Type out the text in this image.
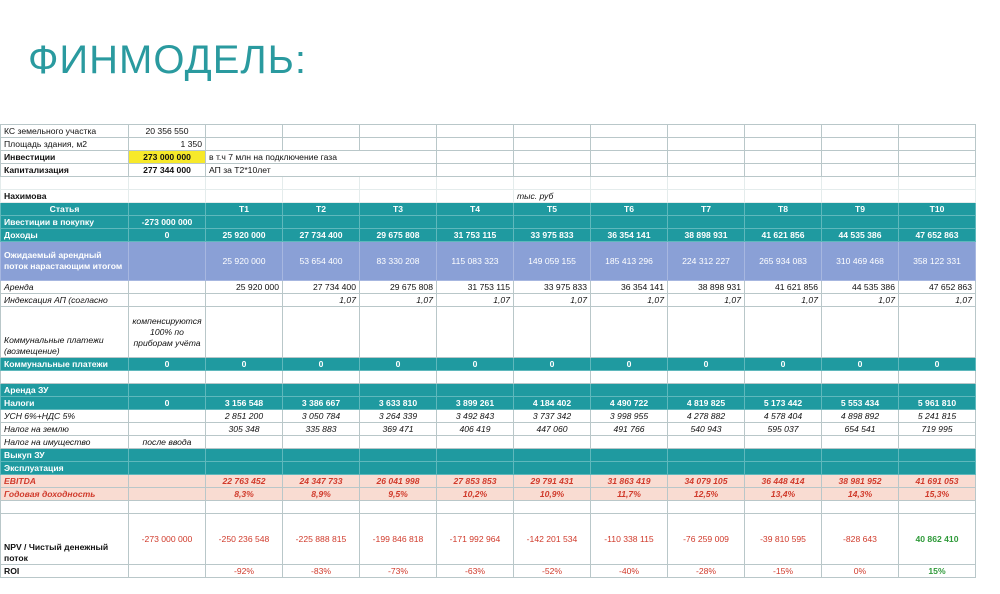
ФИНМОДЕЛЬ:
КС земельного участка	20 356 550										
Площадь здания, м2	1 350										
Инвестиции	273 000 000	в т.ч 7 млн на подключение газа									
Капитализация	277 344 000	АП за Т2*10лет									

Нахимова						тыс. руб					
Статья		T1	T2	T3	T4	T5	T6	T7	T8	T9	T10
Ивестиции в покупку	-273 000 000										
Доходы	0	25 920 000	27 734 400	29 675 808	31 753 115	33 975 833	36 354 141	38 898 931	41 621 856	44 535 386	47 652 863
Ожидаемый арендный поток нарастающим итогом		25 920 000	53 654 400	83 330 208	115 083 323	149 059 155	185 413 296	224 312 227	265 934 083	310 469 468	358 122 331
Аренда		25 920 000	27 734 400	29 675 808	31 753 115	33 975 833	36 354 141	38 898 931	41 621 856	44 535 386	47 652 863
Индексация АП (согласно			1,07	1,07	1,07	1,07	1,07	1,07	1,07	1,07	1,07
Коммунальные платежи (возмещение)	компенсируются 100% по приборам учёта										
Коммунальные платежи	0	0	0	0	0	0	0	0	0	0	0

Аренда ЗУ											
Налоги	0	3 156 548	3 386 667	3 633 810	3 899 261	4 184 402	4 490 722	4 819 825	5 173 442	5 553 434	5 961 810
УСН 6%+НДС 5%		2 851 200	3 050 784	3 264 339	3 492 843	3 737 342	3 998 955	4 278 882	4 578 404	4 898 892	5 241 815
Налог на землю		305 348	335 883	369 471	406 419	447 060	491 766	540 943	595 037	654 541	719 995
Налог на имущество	после ввода										
Выкуп ЗУ											
Эксплуатация											
EBITDA		22 763 452	24 347 733	26 041 998	27 853 853	29 791 431	31 863 419	34 079 105	36 448 414	38 981 952	41 691 053
Годовая доходность		8,3%	8,9%	9,5%	10,2%	10,9%	11,7%	12,5%	13,4%	14,3%	15,3%

NPV / Чистый денежный поток	-273 000 000	-250 236 548	-225 888 815	-199 846 818	-171 992 964	-142 201 534	-110 338 115	-76 259 009	-39 810 595	-828 643	40 862 410
ROI		-92%	-83%	-73%	-63%	-52%	-40%	-28%	-15%	0%	15%
